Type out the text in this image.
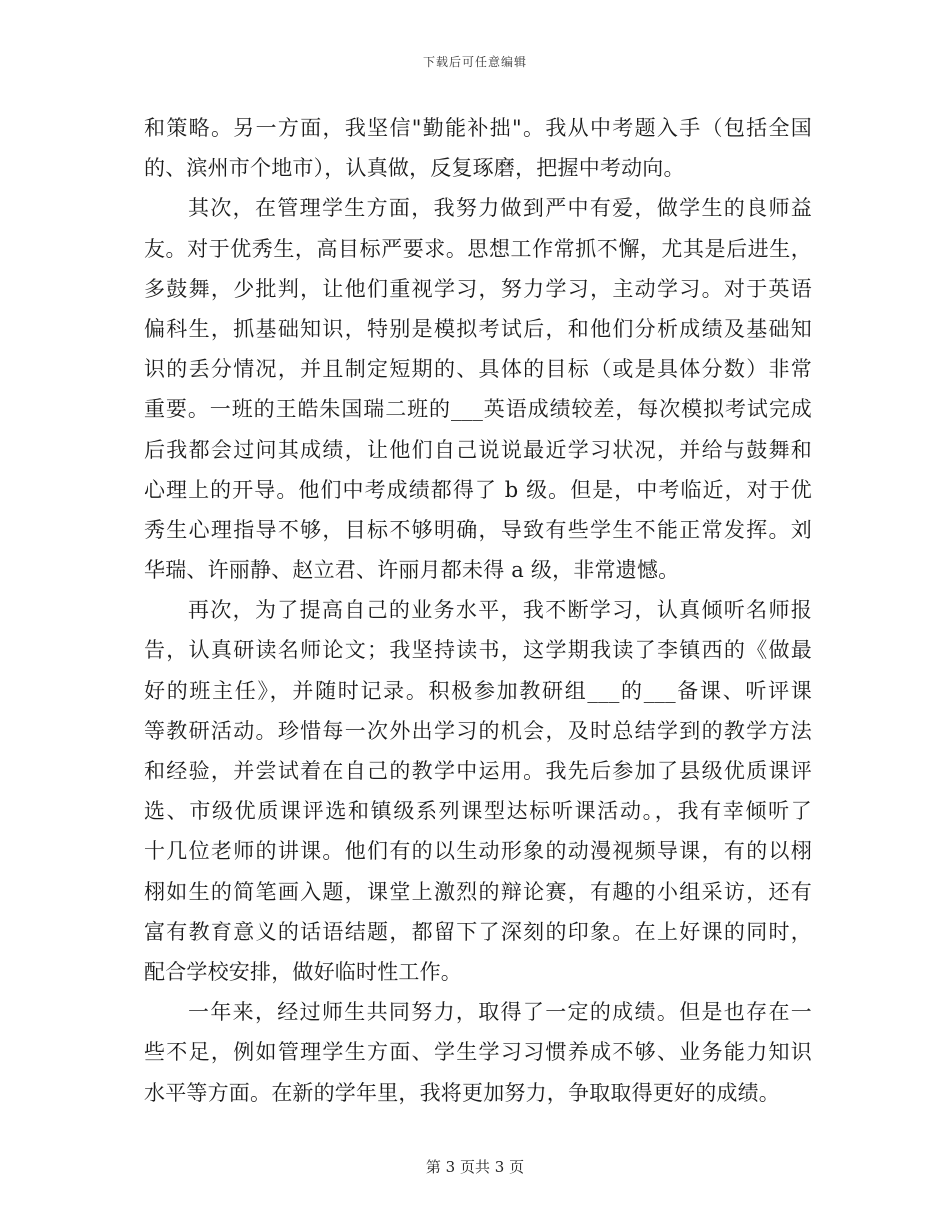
下载后可任意编辑
和策略。另一方面，我坚信"勤能补拙"。我从中考题入手（包括全国
的、滨州市个地市），认真做，反复琢磨，把握中考动向。
其次，在管理学生方面，我努力做到严中有爱，做学生的良师益
友。对于优秀生，高目标严要求。思想工作常抓不懈，尤其是后进生，
多鼓舞，少批判，让他们重视学习，努力学习，主动学习。对于英语
偏科生，抓基础知识，特别是模拟考试后，和他们分析成绩及基础知
识的丢分情况，并且制定短期的、具体的目标（或是具体分数）非常
重要。一班的王皓朱国瑞二班的___英语成绩较差，每次模拟考试完成
后我都会过问其成绩，让他们自己说说最近学习状况，并给与鼓舞和
心理上的开导。他们中考成绩都得了 b 级。但是，中考临近，对于优
秀生心理指导不够，目标不够明确，导致有些学生不能正常发挥。刘
华瑞、许丽静、赵立君、许丽月都未得 a 级，非常遗憾。
再次，为了提高自己的业务水平，我不断学习，认真倾听名师报
告，认真研读名师论文；我坚持读书，这学期我读了李镇西的《做最
好的班主任》，并随时记录。积极参加教研组___的___备课、听评课
等教研活动。珍惜每一次外出学习的机会，及时总结学到的教学方法
和经验，并尝试着在自己的教学中运用。我先后参加了县级优质课评
选、市级优质课评选和镇级系列课型达标听课活动。，我有幸倾听了
十几位老师的讲课。他们有的以生动形象的动漫视频导课，有的以栩
栩如生的简笔画入题，课堂上激烈的辩论赛，有趣的小组采访，还有
富有教育意义的话语结题，都留下了深刻的印象。在上好课的同时，
配合学校安排，做好临时性工作。
一年来，经过师生共同努力，取得了一定的成绩。但是也存在一
些不足，例如管理学生方面、学生学习习惯养成不够、业务能力知识
水平等方面。在新的学年里，我将更加努力，争取取得更好的成绩。
第 3 页共 3 页
